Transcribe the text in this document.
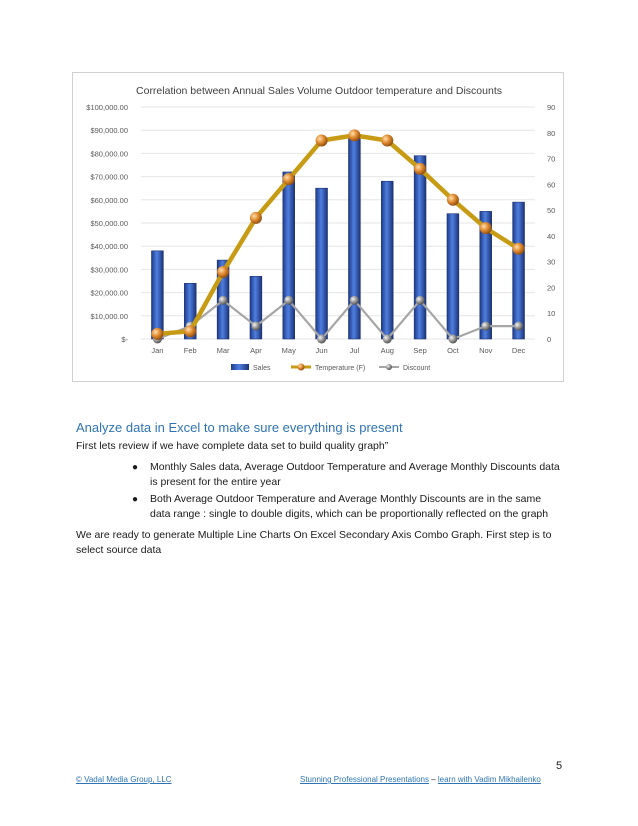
Correlation between Annual Sales Volume Outdoor temperature and Discounts
$100,000.00
$90,000.00
$80,000.00
$70,000.00
$60,000.00
$50,000.00
$40,000.00
$30,000.00
$20,000.00
$10,000.00
$-
90
80
70
60
50
40
30
20
10
0
Jan	Feb	Mar	Apr	May	Jun	Jul	Aug	Sep	Oct	Nov	Dec
Sales	Temperature (F)	Discount
Analyze data in Excel to make sure everything is present
First lets review if we have complete data set to build quality graph”
● Monthly Sales data, Average Outdoor Temperature and Average Monthly Discounts data is present for the entire year
● Both Average Outdoor Temperature and Average Monthly Discounts are in the same data range : single to double digits, which can be proportionally reflected on the graph
We are ready to generate Multiple Line Charts On Excel Secondary Axis Combo Graph. First step is to select source data
5
© Vadal Media Group, LLC	Stunning Professional Presentations – learn with Vadim Mikhailenko
